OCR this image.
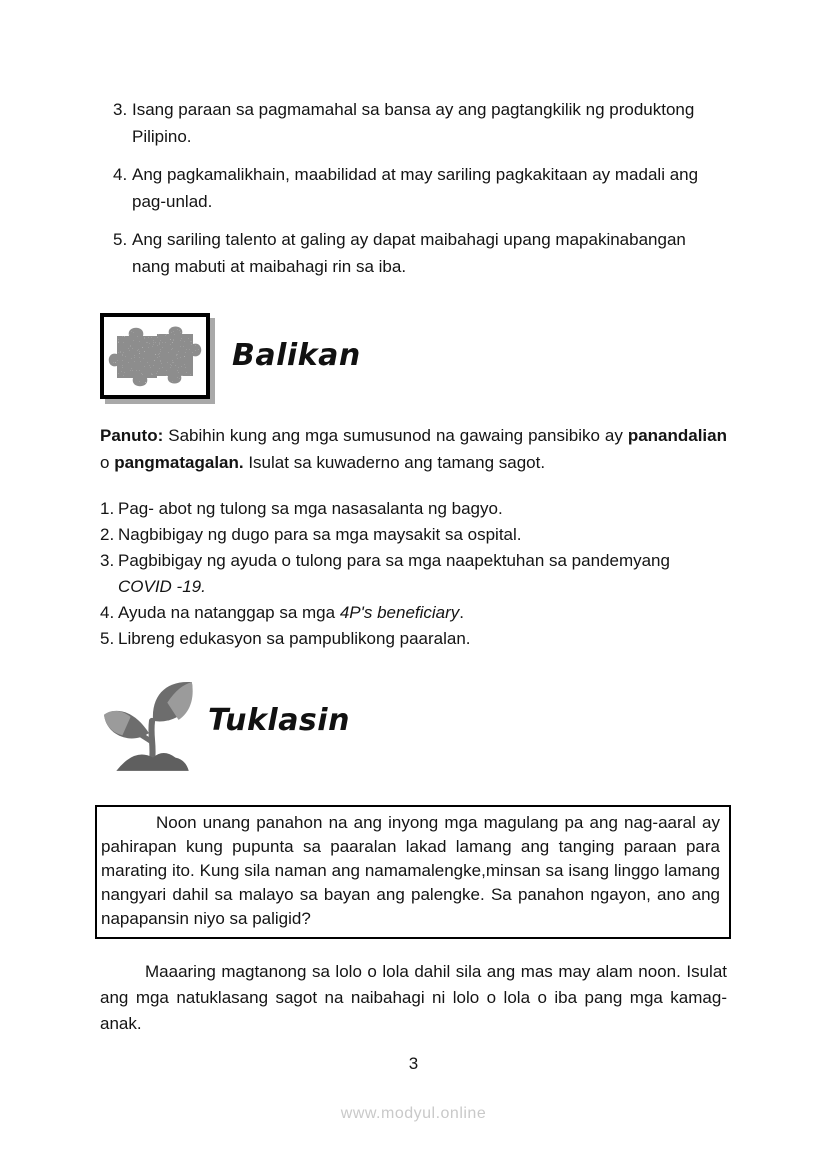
3. Isang paraan sa pagmamahal sa bansa ay ang pagtangkilik ng produktong Pilipino.
4. Ang pagkamalikhain, maabilidad at may sariling pagkakitaan ay madali ang pag-unlad.
5. Ang sariling talento at galing ay dapat maibahagi upang mapakinabangan nang mabuti at maibahagi rin sa iba.
Balikan

Panuto: Sabihin kung ang mga sumusunod na gawaing pansibiko ay panandalian o pangmatagalan. Isulat sa kuwaderno ang tamang sagot.

1. Pag- abot ng tulong sa mga nasasalanta ng bagyo.
2. Nagbibigay ng dugo para sa mga maysakit sa ospital.
3. Pagbibigay ng ayuda o tulong para sa mga naapektuhan sa pandemyang COVID -19.
4. Ayuda na natanggap sa mga 4P's beneficiary.
5. Libreng edukasyon sa pampublikong paaralan.
Tuklasin
Noon unang panahon na ang inyong mga magulang pa ang nag-aaral ay pahirapan kung pupunta sa paaralan lakad lamang ang tanging paraan para marating ito. Kung sila naman ang namamalengke,minsan sa isang linggo lamang nangyari dahil sa malayo sa bayan ang palengke. Sa panahon ngayon, ano ang napapansin niyo sa paligid?

Maaaring magtanong sa lolo o lola dahil sila ang mas may alam noon. Isulat ang mga natuklasang sagot na naibahagi ni lolo o lola o iba pang mga kamag-anak.

3
www.modyul.online
